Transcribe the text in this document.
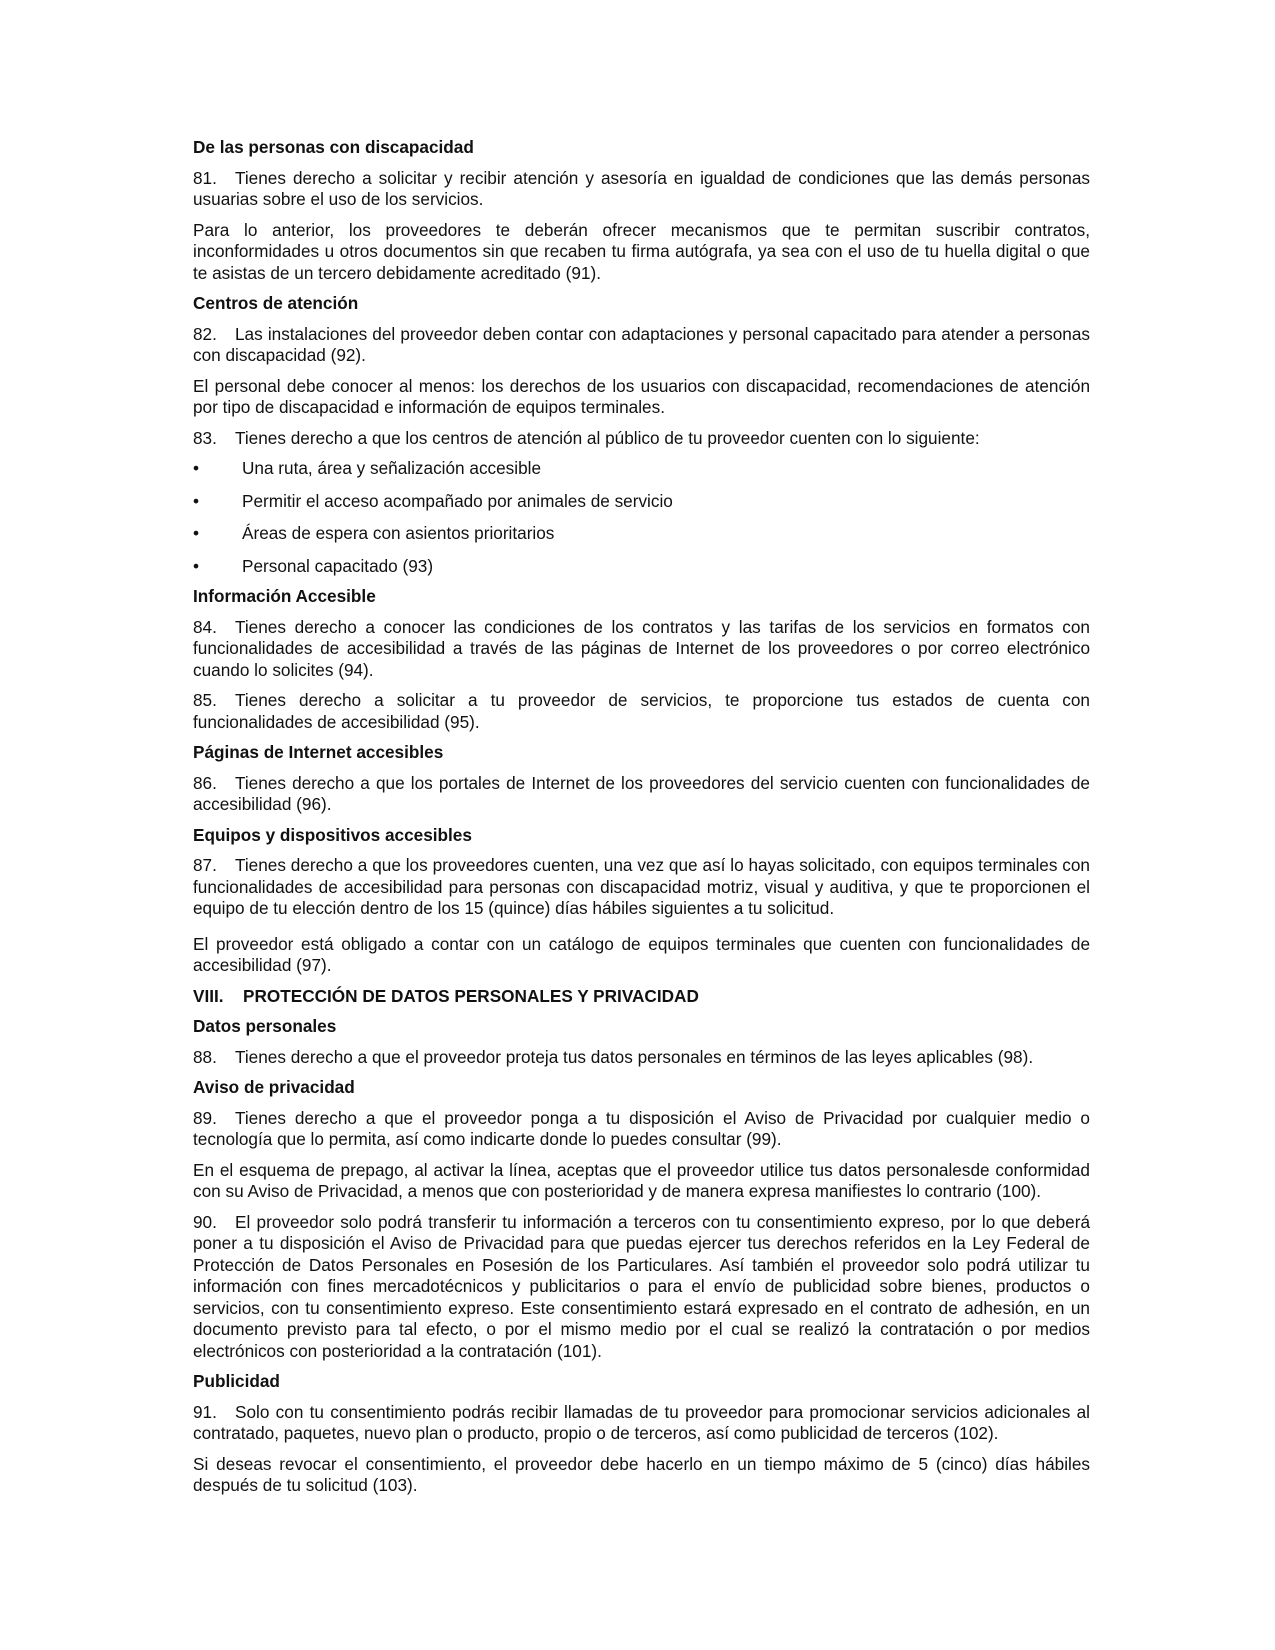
De las personas con discapacidad
81. Tienes derecho a solicitar y recibir atención y asesoría en igualdad de condiciones que las demás personas usuarias sobre el uso de los servicios.
Para lo anterior, los proveedores te deberán ofrecer mecanismos que te permitan suscribir contratos, inconformidades u otros documentos sin que recaben tu firma autógrafa, ya sea con el uso de tu huella digital o que te asistas de un tercero debidamente acreditado (91).
Centros de atención
82. Las instalaciones del proveedor deben contar con adaptaciones y personal capacitado para atender a personas con discapacidad (92).
El personal debe conocer al menos: los derechos de los usuarios con discapacidad, recomendaciones de atención por tipo de discapacidad e información de equipos terminales.
83. Tienes derecho a que los centros de atención al público de tu proveedor cuenten con lo siguiente:
• Una ruta, área y señalización accesible
• Permitir el acceso acompañado por animales de servicio
• Áreas de espera con asientos prioritarios
• Personal capacitado (93)
Información Accesible
84. Tienes derecho a conocer las condiciones de los contratos y las tarifas de los servicios en formatos con funcionalidades de accesibilidad a través de las páginas de Internet de los proveedores o por correo electrónico cuando lo solicites (94).
85. Tienes derecho a solicitar a tu proveedor de servicios, te proporcione tus estados de cuenta con funcionalidades de accesibilidad (95).
Páginas de Internet accesibles
86. Tienes derecho a que los portales de Internet de los proveedores del servicio cuenten con funcionalidades de accesibilidad (96).
Equipos y dispositivos accesibles
87. Tienes derecho a que los proveedores cuenten, una vez que así lo hayas solicitado, con equipos terminales con funcionalidades de accesibilidad para personas con discapacidad motriz, visual y auditiva, y que te proporcionen el equipo de tu elección dentro de los 15 (quince) días hábiles siguientes a tu solicitud.
El proveedor está obligado a contar con un catálogo de equipos terminales que cuenten con funcionalidades de accesibilidad (97).
VIII. PROTECCIÓN DE DATOS PERSONALES Y PRIVACIDAD
Datos personales
88. Tienes derecho a que el proveedor proteja tus datos personales en términos de las leyes aplicables (98).
Aviso de privacidad
89. Tienes derecho a que el proveedor ponga a tu disposición el Aviso de Privacidad por cualquier medio o tecnología que lo permita, así como indicarte donde lo puedes consultar (99).
En el esquema de prepago, al activar la línea, aceptas que el proveedor utilice tus datos personalesde conformidad con su Aviso de Privacidad, a menos que con posterioridad y de manera expresa manifiestes lo contrario (100).
90. El proveedor solo podrá transferir tu información a terceros con tu consentimiento expreso, por lo que deberá poner a tu disposición el Aviso de Privacidad para que puedas ejercer tus derechos referidos en la Ley Federal de Protección de Datos Personales en Posesión de los Particulares. Así también el proveedor solo podrá utilizar tu información con fines mercadotécnicos y publicitarios o para el envío de publicidad sobre bienes, productos o servicios, con tu consentimiento expreso. Este consentimiento estará expresado en el contrato de adhesión, en un documento previsto para tal efecto, o por el mismo medio por el cual se realizó la contratación o por medios electrónicos con posterioridad a la contratación (101).
Publicidad
91. Solo con tu consentimiento podrás recibir llamadas de tu proveedor para promocionar servicios adicionales al contratado, paquetes, nuevo plan o producto, propio o de terceros, así como publicidad de terceros (102).
Si deseas revocar el consentimiento, el proveedor debe hacerlo en un tiempo máximo de 5 (cinco) días hábiles después de tu solicitud (103).
